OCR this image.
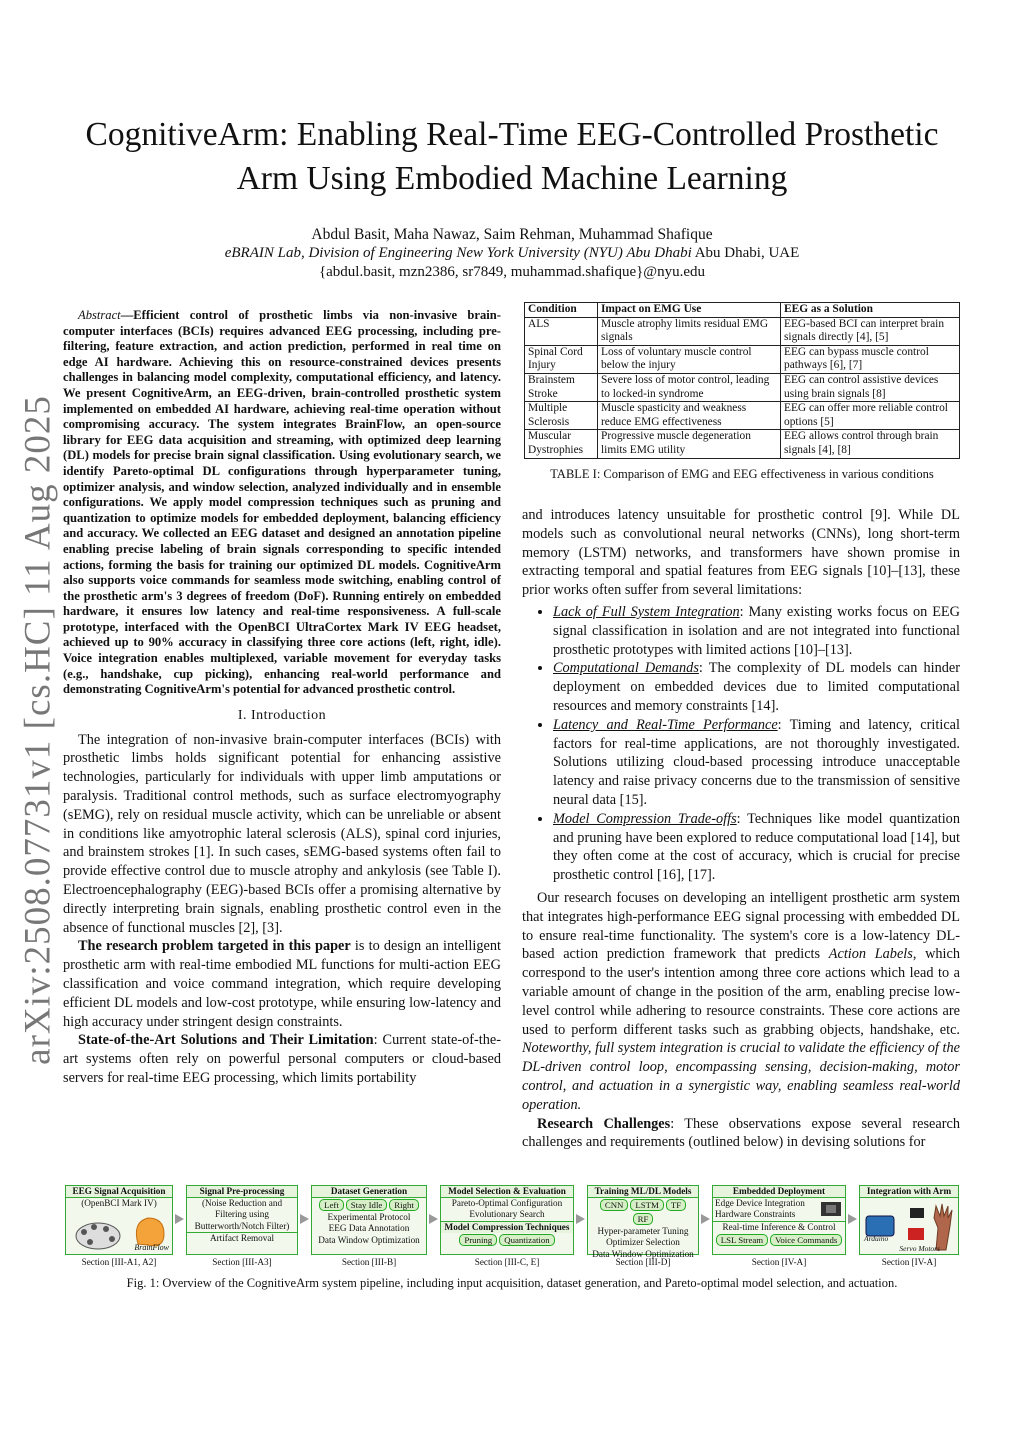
arXiv:2508.07731v1 [cs.HC] 11 Aug 2025
CognitiveArm: Enabling Real-Time EEG-Controlled Prosthetic
Arm Using Embodied Machine Learning
Abdul Basit, Maha Nawaz, Saim Rehman, Muhammad Shafique
eBRAIN Lab, Division of Engineering New York University (NYU) Abu Dhabi Abu Dhabi, UAE
{abdul.basit, mzn2386, sr7849, muhammad.shafique}@nyu.edu

Abstract—Efficient control of prosthetic limbs via non-invasive brain-computer interfaces (BCIs) requires advanced EEG processing, including pre-filtering, feature extraction, and action prediction, performed in real time on edge AI hardware. Achieving this on resource-constrained devices presents challenges in balancing model complexity, computational efficiency, and latency. We present CognitiveArm, an EEG-driven, brain-controlled prosthetic system implemented on embedded AI hardware, achieving real-time operation without compromising accuracy. The system integrates BrainFlow, an open-source library for EEG data acquisition and streaming, with optimized deep learning (DL) models for precise brain signal classification. Using evolutionary search, we identify Pareto-optimal DL configurations through hyperparameter tuning, optimizer analysis, and window selection, analyzed individually and in ensemble configurations. We apply model compression techniques such as pruning and quantization to optimize models for embedded deployment, balancing efficiency and accuracy. We collected an EEG dataset and designed an annotation pipeline enabling precise labeling of brain signals corresponding to specific intended actions, forming the basis for training our optimized DL models. CognitiveArm also supports voice commands for seamless mode switching, enabling control of the prosthetic arm's 3 degrees of freedom (DoF). Running entirely on embedded hardware, it ensures low latency and real-time responsiveness. A full-scale prototype, interfaced with the OpenBCI UltraCortex Mark IV EEG headset, achieved up to 90% accuracy in classifying three core actions (left, right, idle). Voice integration enables multiplexed, variable movement for everyday tasks (e.g., handshake, cup picking), enhancing real-world performance and demonstrating CognitiveArm's potential for advanced prosthetic control.

I. Introduction

The integration of non-invasive brain-computer interfaces (BCIs) with prosthetic limbs holds significant potential for enhancing assistive technologies, particularly for individuals with upper limb amputations or paralysis. Traditional control methods, such as surface electromyography (sEMG), rely on residual muscle activity, which can be unreliable or absent in conditions like amyotrophic lateral sclerosis (ALS), spinal cord injuries, and brainstem strokes [1]. In such cases, sEMG-based systems often fail to provide effective control due to muscle atrophy and ankylosis (see Table I). Electroencephalography (EEG)-based BCIs offer a promising alternative by directly interpreting brain signals, enabling prosthetic control even in the absence of functional muscles [2], [3].

The research problem targeted in this paper is to design an intelligent prosthetic arm with real-time embodied ML functions for multi-action EEG classification and voice command integration, which require developing efficient DL models and low-cost prototype, while ensuring low-latency and high accuracy under stringent design constraints.

State-of-the-Art Solutions and Their Limitation: Current state-of-the-art systems often rely on powerful personal computers or cloud-based servers for real-time EEG processing, which limits portability

Condition	Impact on EMG Use	EEG as a Solution
ALS	Muscle atrophy limits residual EMG signals	EEG-based BCI can interpret brain signals directly [4], [5]
Spinal Cord Injury	Loss of voluntary muscle control below the injury	EEG can bypass muscle control pathways [6], [7]
Brainstem Stroke	Severe loss of motor control, leading to locked-in syndrome	EEG can control assistive devices using brain signals [8]
Multiple Sclerosis	Muscle spasticity and weakness reduce EMG effectiveness	EEG can offer more reliable control options [5]
Muscular Dystrophies	Progressive muscle degeneration limits EMG utility	EEG allows control through brain signals [4], [8]
TABLE I: Comparison of EMG and EEG effectiveness in various conditions

and introduces latency unsuitable for prosthetic control [9]. While DL models such as convolutional neural networks (CNNs), long short-term memory (LSTM) networks, and transformers have shown promise in extracting temporal and spatial features from EEG signals [10]–[13], these prior works often suffer from several limitations:

• Lack of Full System Integration: Many existing works focus on EEG signal classification in isolation and are not integrated into functional prosthetic prototypes with limited actions [10]–[13].
• Computational Demands: The complexity of DL models can hinder deployment on embedded devices due to limited computational resources and memory constraints [14].
• Latency and Real-Time Performance: Timing and latency, critical factors for real-time applications, are not thoroughly investigated. Solutions utilizing cloud-based processing introduce unacceptable latency and raise privacy concerns due to the transmission of sensitive neural data [15].
• Model Compression Trade-offs: Techniques like model quantization and pruning have been explored to reduce computational load [14], but they often come at the cost of accuracy, which is crucial for precise prosthetic control [16], [17].

Our research focuses on developing an intelligent prosthetic arm system that integrates high-performance EEG signal processing with embedded DL to ensure real-time functionality. The system's core is a low-latency DL-based action prediction framework that predicts Action Labels, which correspond to the user's intention among three core actions which lead to a variable amount of change in the position of the arm, enabling precise low-level control while adhering to resource constraints. These core actions are used to perform different tasks such as grabbing objects, handshake, etc. Noteworthy, full system integration is crucial to validate the efficiency of the DL-driven control loop, encompassing sensing, decision-making, motor control, and actuation in a synergistic way, enabling seamless real-world operation.

Research Challenges: These observations expose several research challenges and requirements (outlined below) in devising solutions for

EEG Signal Acquisition
(OpenBCI Mark IV)
BrainFlow
Signal Pre-processing
(Noise Reduction and
Filtering using
Butterworth/Notch Filter)
Artifact Removal
Dataset Generation
Left Stay Idle Right
Experimental Protocol
EEG Data Annotation
Data Window Optimization
Model Selection & Evaluation
Pareto-Optimal Configuration
Evolutionary Search
Model Compression Techniques
Pruning Quantization
Training ML/DL Models
CNN LSTM TFRF
Hyper-parameter Tuning
Optimizer Selection
Data Window Optimization
Embedded Deployment
Edge Device Integration
Hardware Constraints
Real-time Inference & Control
LSL Stream Voice Commands
Integration with Arm
Arduino
Servo Motors
Section [III-A1, A2]	Section [III-A3]	Section [III-B]	Section [III-C, E]	Section [III-D]	Section [IV-A]	Section [IV-A]
Fig. 1: Overview of the CognitiveArm system pipeline, including input acquisition, dataset generation, and Pareto-optimal model selection, and actuation.
